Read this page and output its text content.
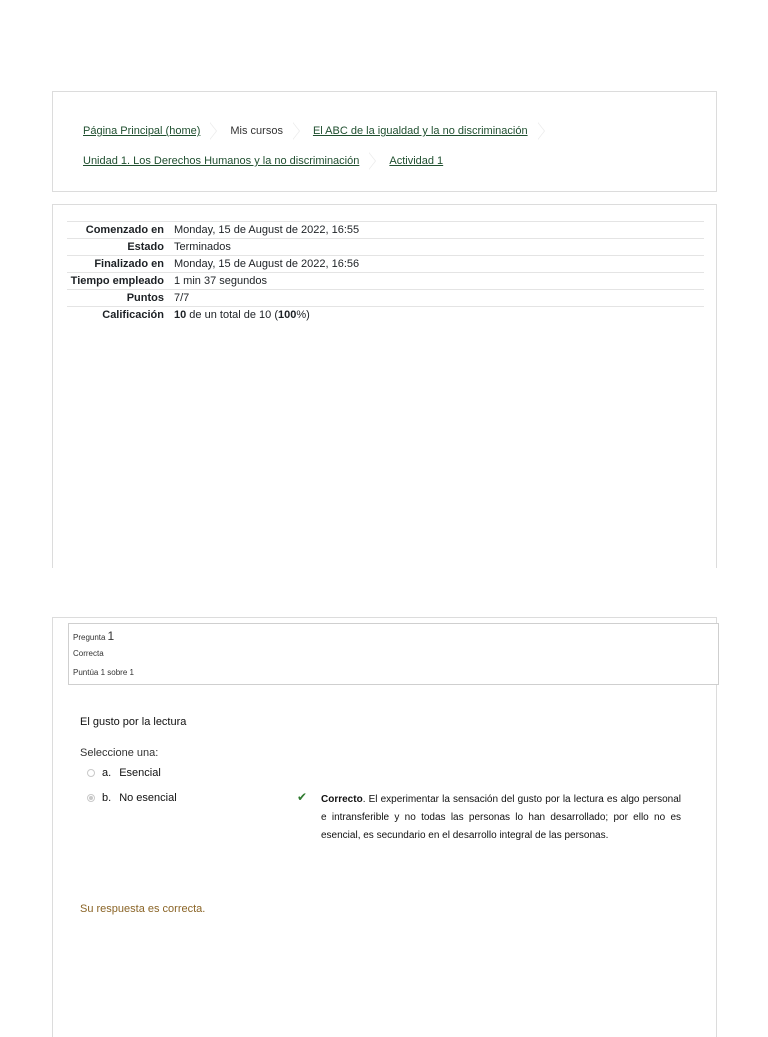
Página Principal (home)	Mis cursos	El ABC de la igualdad y la no discriminación
Unidad 1. Los Derechos Humanos y la no discriminación	Actividad 1
Comenzado en	Monday, 15 de August de 2022, 16:55
Estado	Terminados
Finalizado en	Monday, 15 de August de 2022, 16:56
Tiempo empleado	1 min 37 segundos
Puntos	7/7
Calificación	10 de un total de 10 (100%)
Pregunta 1
Correcta
Puntúa 1 sobre 1
El gusto por la lectura
Seleccione una:
a. Esencial
b. No esencial	✔ Correcto. El experimentar la sensación del gusto por la lectura es algo personal e intransferible y no todas las personas lo han desarrollado; por ello no es esencial, es secundario en el desarrollo integral de las personas.
Su respuesta es correcta.
